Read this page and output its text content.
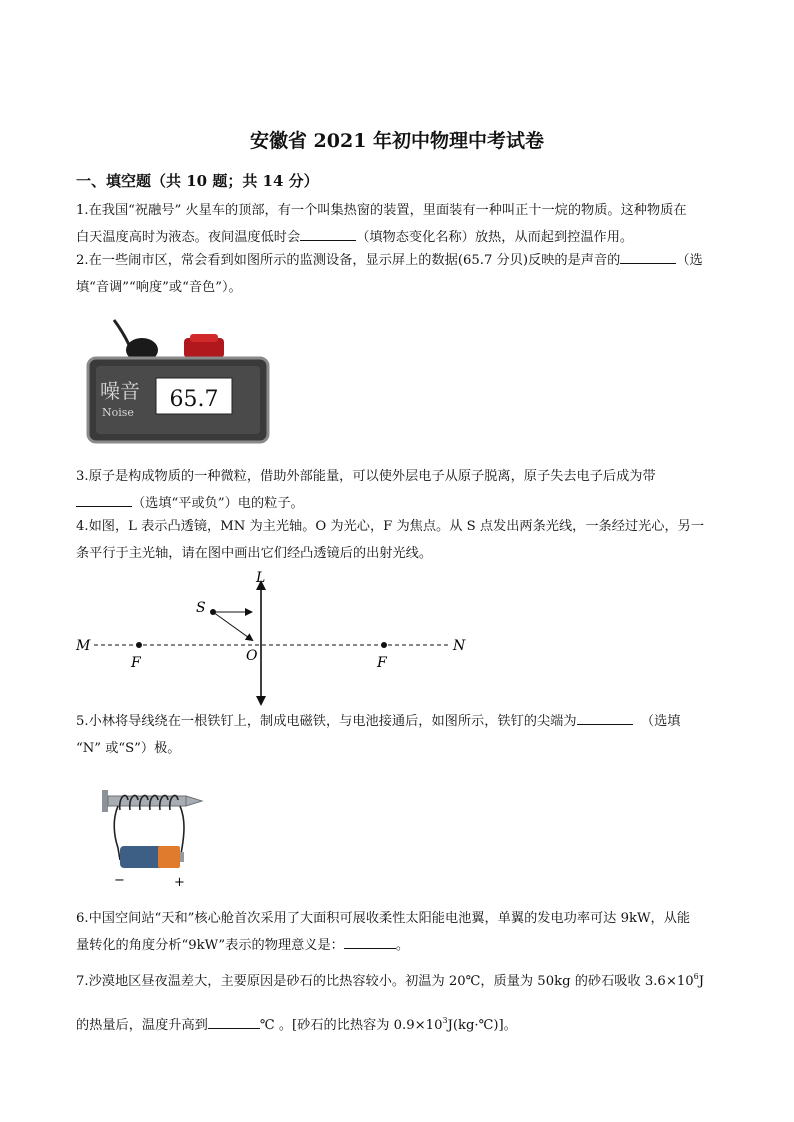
安徽省 2021 年初中物理中考试卷
一、填空题（共 10 题；共 14 分）
1.在我国“祝融号” 火星车的顶部，有一个叫集热窗的装置，里面装有一种叫正十一烷的物质。这种物质在
白天温度高时为液态。夜间温度低时会	（填物态变化名称）放热，从而起到控温作用。
2.在一些闹市区，常会看到如图所示的监测设备，显示屏上的数据(65.7 分贝)反映的是声音的	（选
填“音调”“响度”或“音色”）。
噪音
Noise
65.7
3.原子是构成物质的一种微粒，借助外部能量，可以使外层电子从原子脱离，原子失去电子后成为带
（选填“平或负”）电的粒子。
4.如图，L 表示凸透镜，MN 为主光轴。O 为光心，F 为焦点。从 S 点发出两条光线，一条经过光心，另一
条平行于主光轴，请在图中画出它们经凸透镜后的出射光线。
L
S
M	N
O
F	F
5.小林将导线绕在一根铁钉上，制成电磁铁，与电池接通后，如图所示，铁钉的尖端为	（选填
“N” 或“S”）极。
−	+
6.中国空间站“天和”核心舱首次采用了大面积可展收柔性太阳能电池翼，单翼的发电功率可达 9kW，从能
量转化的角度分析“9kW”表示的物理意义是：	。
7.沙漠地区昼夜温差大，主要原因是砂石的比热容较小。初温为 20℃，质量为 50kg 的砂石吸收 $3.6\times 10^6J$
的热量后，温度升高到	℃ 。[砂石的比热容为 $0.9\times 10^3J(kg\cdot℃)$]。
